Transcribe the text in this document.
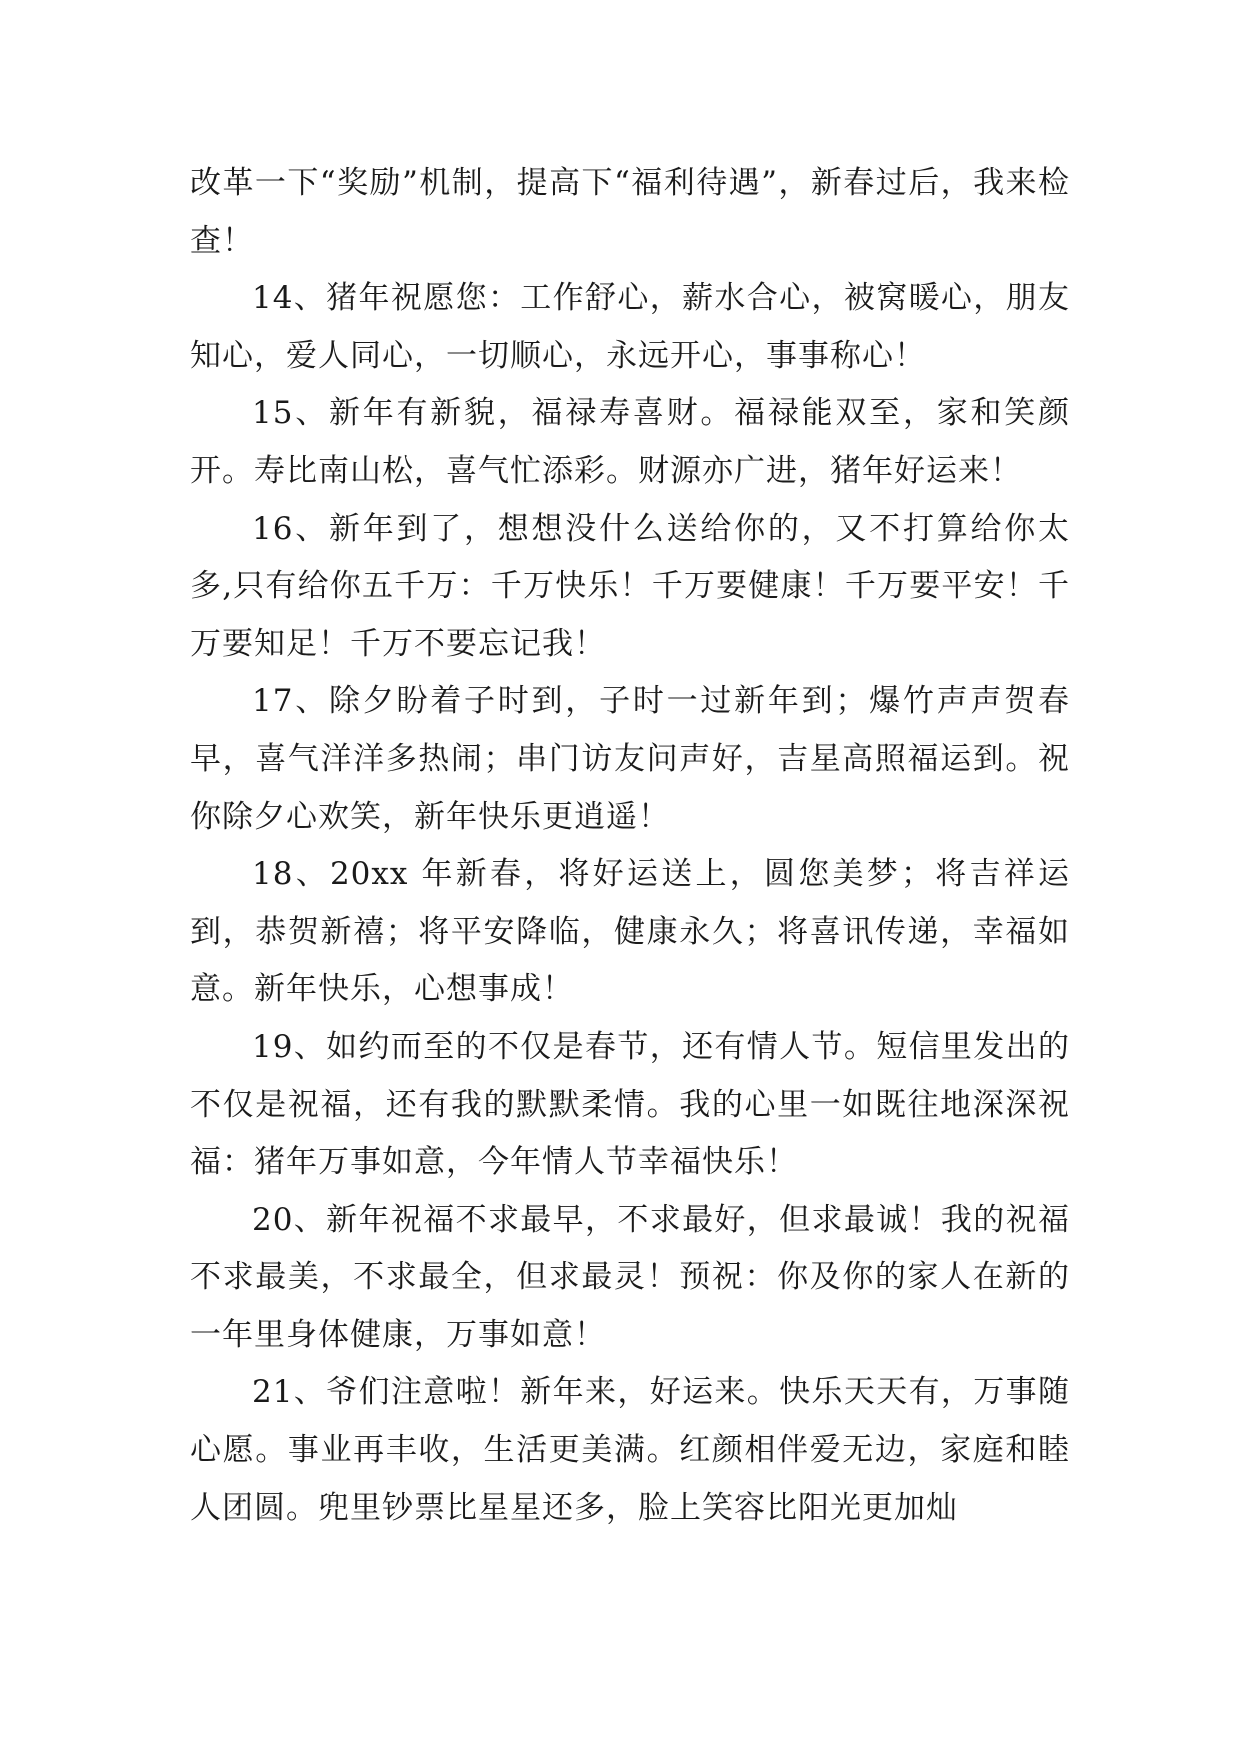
改革一下“奖励”机制，提高下“福利待遇”，新春过后，我来检查！

14、猪年祝愿您：工作舒心，薪水合心，被窝暖心，朋友知心，爱人同心，一切顺心，永远开心，事事称心！

15、新年有新貌，福禄寿喜财。福禄能双至，家和笑颜开。寿比南山松，喜气忙添彩。财源亦广进，猪年好运来！

16、新年到了，想想没什么送给你的，又不打算给你太多,只有给你五千万：千万快乐！千万要健康！千万要平安！千万要知足！千万不要忘记我！

17、除夕盼着子时到，子时一过新年到；爆竹声声贺春早，喜气洋洋多热闹；串门访友问声好，吉星高照福运到。祝你除夕心欢笑，新年快乐更逍遥！

18、20xx 年新春，将好运送上，圆您美梦；将吉祥运到，恭贺新禧；将平安降临，健康永久；将喜讯传递，幸福如意。新年快乐，心想事成！

19、如约而至的不仅是春节，还有情人节。短信里发出的不仅是祝福，还有我的默默柔情。我的心里一如既往地深深祝福：猪年万事如意，今年情人节幸福快乐！

20、新年祝福不求最早，不求最好，但求最诚！我的祝福不求最美，不求最全，但求最灵！预祝：你及你的家人在新的一年里身体健康，万事如意！

21、爷们注意啦！新年来，好运来。快乐天天有，万事随心愿。事业再丰收，生活更美满。红颜相伴爱无边，家庭和睦人团圆。兜里钞票比星星还多，脸上笑容比阳光更加灿
